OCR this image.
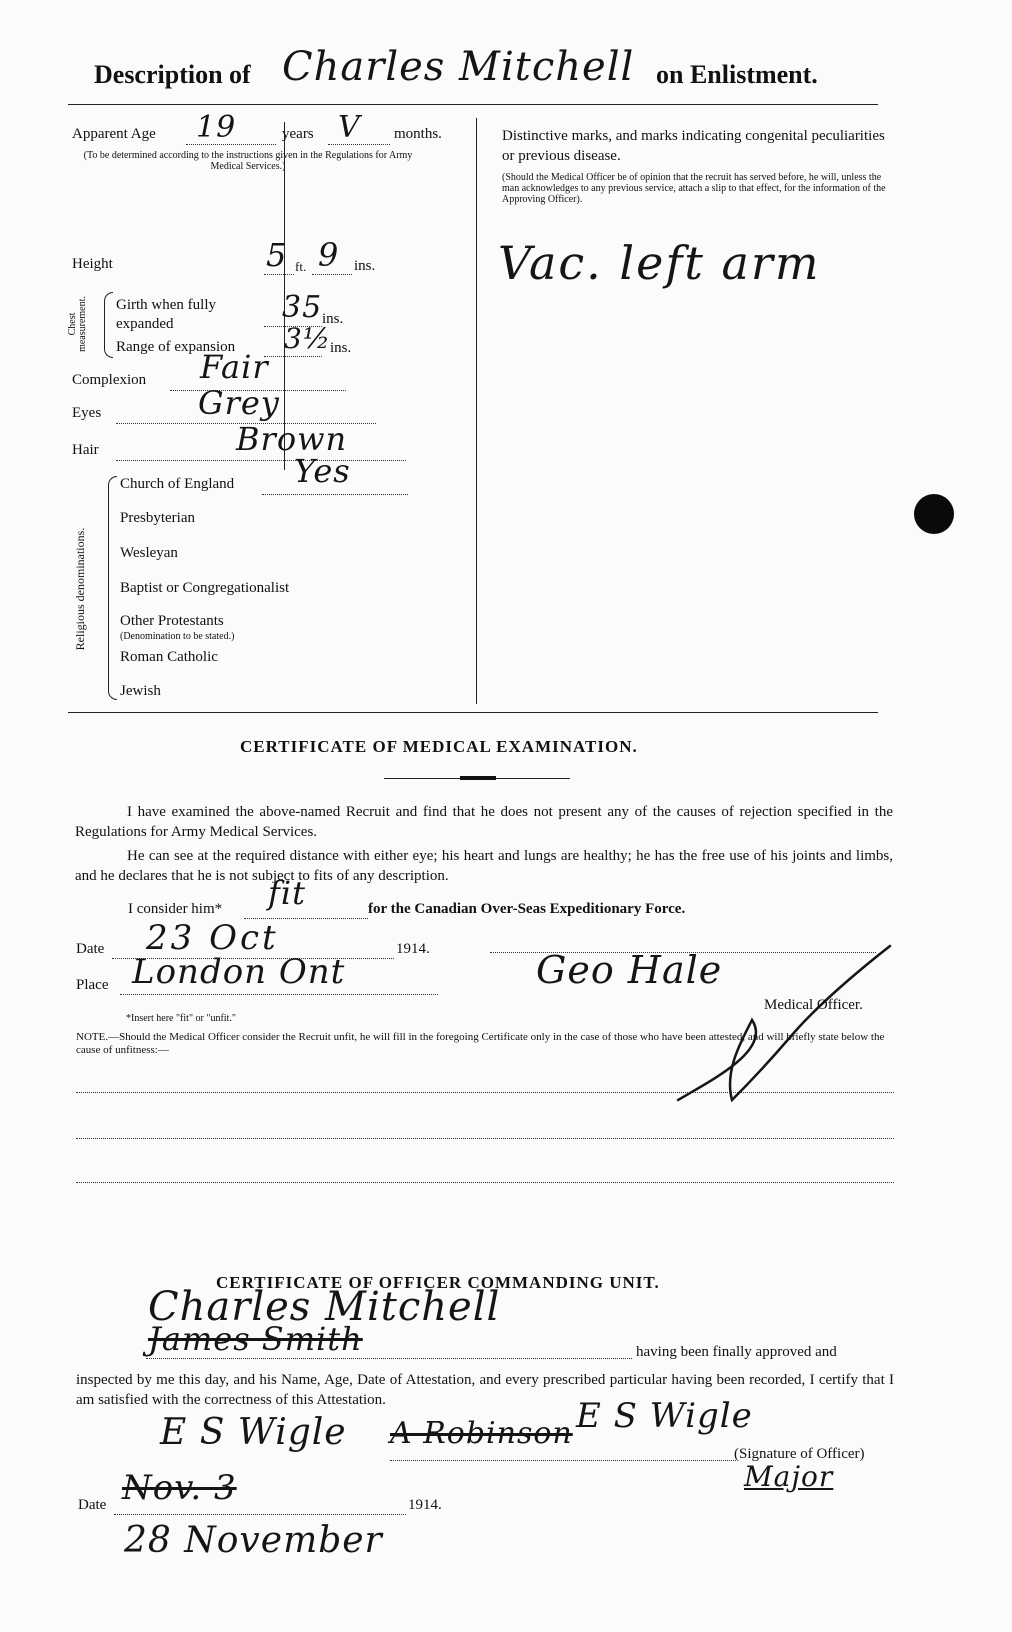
Description of Charles Mitchell on Enlistment.
Apparent Age 19	years V months.
(To be determined according to the instructions given in the Regulations for Army Medical Services.)
Height	5 ft. 9 ins.
Chest measurement. Girth when fully expanded	35 ins.
Range of expansion 3½ ins.
Complexion Fair
Eyes	Grey
Hair	Brown
Religious denominations.
Church of England Yes
Presbyterian
Wesleyan
Baptist or Congregationalist
Other Protestants
(Denomination to be stated.)
Roman Catholic
Jewish
Distinctive marks, and marks indicating congenital peculiarities or previous disease.
(Should the Medical Officer be of opinion that the recruit has served before, he will, unless the man acknowledges to any previous service, attach a slip to that effect, for the information of the Approving Officer).
Vac. left arm
CERTIFICATE OF MEDICAL EXAMINATION.
I have examined the above-named Recruit and find that he does not present any of the causes of rejection specified in the Regulations for Army Medical Services.
He can see at the required distance with either eye; his heart and lungs are healthy; he has the free use of his joints and limbs, and he declares that he is not subject to fits of any description.
I consider him* fit	for the Canadian Over-Seas Expeditionary Force.
Date 23 Oct	1914.
Place London Ont	Geo Hale
Medical Officer.
*Insert here "fit" or "unfit."
NOTE.—Should the Medical Officer consider the Recruit unfit, he will fill in the foregoing Certificate only in the case of those who have been attested, and will briefly state below the cause of unfitness:—
CERTIFICATE OF OFFICER COMMANDING UNIT.
Charles Mitchell
James Smith	having been finally approved and
inspected by me this day, and his Name, Age, Date of Attestation, and every prescribed particular having been recorded, I certify that I am satisfied with the correctness of this Attestation.
E S Wigle A Robinson E S Wigle
(Signature of Officer)
Major
Date Nov. 3	1914.
28 November
